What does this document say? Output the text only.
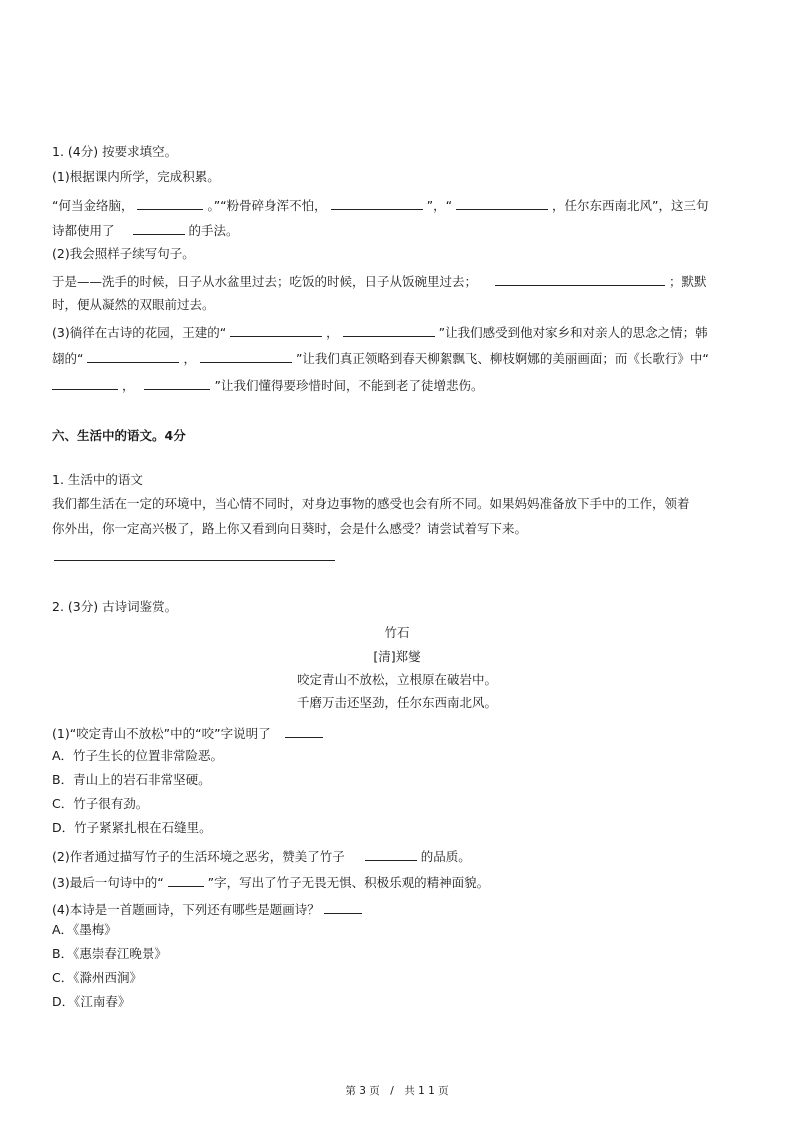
1. (4分) 按要求填空。
(1)根据课内所学，完成积累。
“何当金络脑，	。”“粉骨碎身浑不怕，	”，“	，任尔东西南北风”，这三句
诗都使用了	的手法。
(2)我会照样子续写句子。
于是——洗手的时候，日子从水盆里过去；吃饭的时候，日子从饭碗里过去；	；默默
时，便从凝然的双眼前过去。
(3)徜徉在古诗的花园，王建的“	，	”让我们感受到他对家乡和对亲人的思念之情；韩
翃的“	，	”让我们真正领略到春天柳絮飘飞、柳枝婀娜的美丽画面；而《长歌行》中“
，	”让我们懂得要珍惜时间，不能到老了徒增悲伤。
六、生活中的语文。4分
1. 生活中的语文
我们都生活在一定的环境中，当心情不同时，对身边事物的感受也会有所不同。如果妈妈准备放下手中的工作，领着
你外出，你一定高兴极了，路上你又看到向日葵时，会是什么感受？请尝试着写下来。
2. (3分) 古诗词鉴赏。
竹石
[清]郑燮
咬定青山不放松，立根原在破岩中。
千磨万击还坚劲，任尔东西南北风。
(1)“咬定青山不放松”中的“咬”字说明了
A．竹子生长的位置非常险恶。
B．青山上的岩石非常坚硬。
C．竹子很有劲。
D．竹子紧紧扎根在石缝里。
(2)作者通过描写竹子的生活环境之恶劣，赞美了竹子	的品质。
(3)最后一句诗中的“	”字，写出了竹子无畏无惧、积极乐观的精神面貌。
(4)本诗是一首题画诗，下列还有哪些是题画诗？
A．《墨梅》
B．《惠崇春江晚景》
C．《滁州西涧》
D．《江南春》
第 3 页　/　共 1 1 页
